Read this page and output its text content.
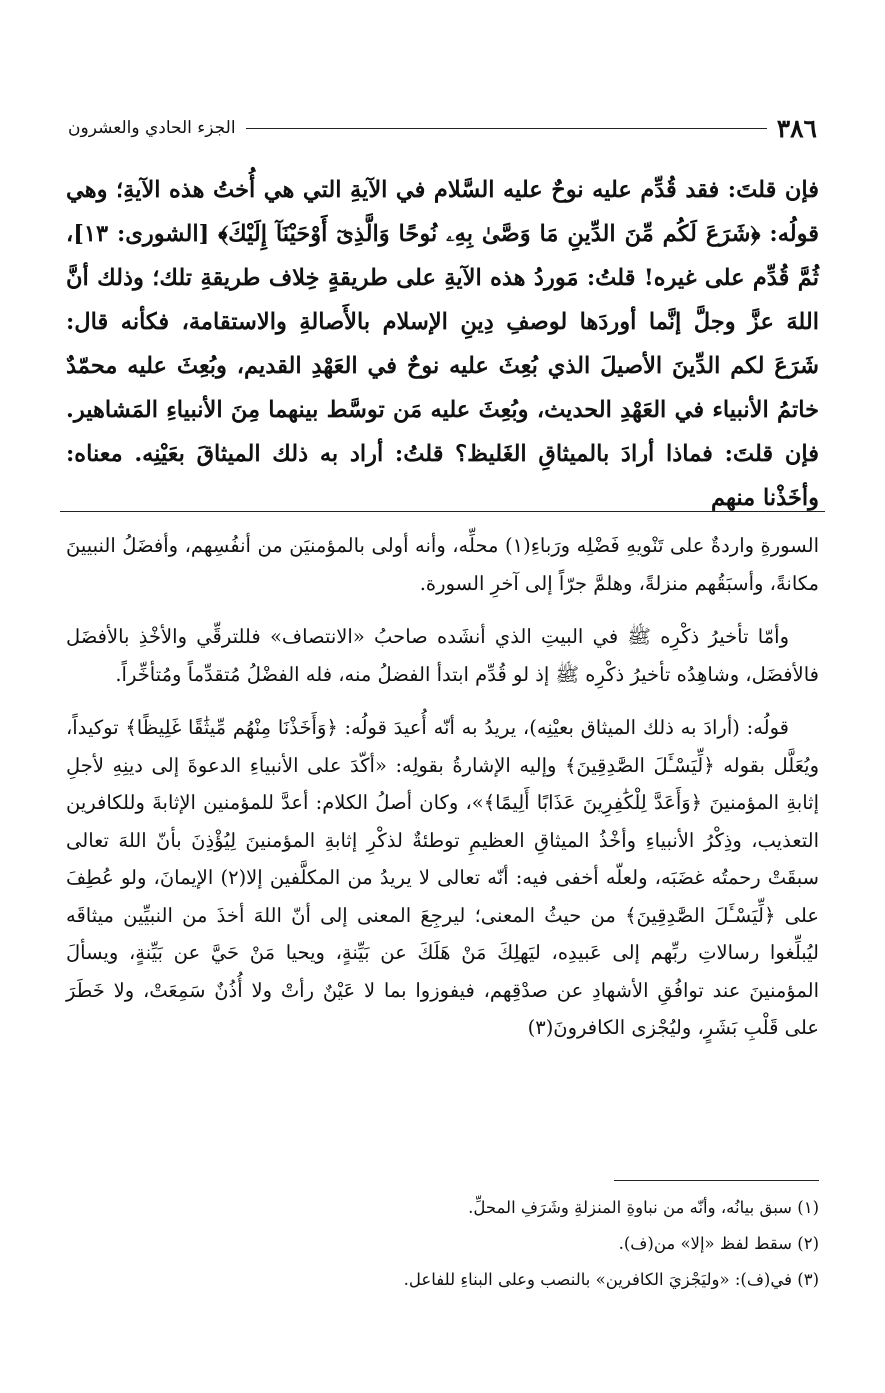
٣٨٦
الجزء الحادي والعشرون

فإن قلتَ: فقد قُدِّم عليه نوحٌ عليه السَّلام في الآيةِ التي هي أُختُ هذه الآيةِ؛ وهي قولُه: ﴿شَرَعَ لَكُم مِّنَ الدِّينِ مَا وَصَّىٰ بِهِۦ نُوحًا وَالَّذِىٓ أَوْحَيْنَآ إِلَيْكَ﴾ [الشورى: ١٣]، ثُمَّ قُدِّم على غيره! قلتُ: مَوردُ هذه الآيةِ على طريقةٍ خِلاف طريقةِ تلك؛ وذلك أنَّ اللهَ عزَّ وجلَّ إنَّما أوردَها لوصفِ دِينِ الإسلام بالأَصالةِ والاستقامة، فكأنه قال: شَرَعَ لكم الدِّينَ الأصيلَ الذي بُعِثَ عليه نوحٌ في العَهْدِ القديم، وبُعِثَ عليه محمّدٌ خاتمُ الأنبياء في العَهْدِ الحديث، وبُعِثَ عليه مَن توسَّط بينهما مِنَ الأنبياءِ المَشاهير. فإن قلتَ: فماذا أرادَ بالميثاقِ الغَليظ؟ قلتُ: أراد به ذلك الميثاقَ بعَيْنِه. معناه: وأخَذْنا منهم

السورةِ واردةٌ على تَنْويهِ فَضْلِه ورَباءِ(١) محلِّه، وأنه أولى بالمؤمنيَن من أنفُسِهم، وأفضَلُ النبيينَ مكانةً، وأسبَقُهم منزلةً، وهلمَّ جرّاً إلى آخرِ السورة.

وأمّا تأخيرُ ذكْرِه ﷺ في البيتِ الذي أنشَده صاحبُ «الانتصاف» فللترقِّي والأخْذِ بالأفضَل فالأفضَل، وشاهِدُه تأخيرُ ذكْرِه ﷺ إذ لو قُدِّم ابتدأ الفضلُ منه، فله الفضْلُ مُتقدِّماً ومُتأخِّراً.

قولُه: (أرادَ به ذلك الميثاق بعيْنِه)، يريدُ به أنّه أُعيدَ قولُه: ﴿وَأَخَذْنَا مِنْهُم مِّيثَٰقًا غَلِيظًا﴾ توكيداً، ويُعَلَّل بقوله ﴿لِّيَسْـَٔلَ الصَّٰدِقِينَ﴾ وإليه الإشارةُ بقولِه: «أكّدَ على الأنبياءِ الدعوةَ إلى دينِهِ لأجلِ إثابةِ المؤمنينَ ﴿وَأَعَدَّ لِلْكَٰفِرِينَ عَذَابًا أَلِيمًا﴾»، وكان أصلُ الكلام: أعدَّ للمؤمنين الإثابةَ وللكافرين التعذيب، وذِكْرُ الأنبياءِ وأخْذُ الميثاقِ العظيمِ توطئةٌ لذكْرِ إثابةِ المؤمنينَ لِيُؤْذِنَ بأنّ اللهَ تعالى سبقَتْ رحمتُه غضَبَه، ولعلّه أخفى فيه: أنّه تعالى لا يريدُ من المكلَّفين إلا(٢) الإيمانَ، ولو عُطِفَ على ﴿لِّيَسْـَٔلَ الصَّٰدِقِينَ﴾ من حيثُ المعنى؛ ليرجِعَ المعنى إلى أنّ اللهَ أخذَ من النبيِّين ميثاقَه ليُبلِّغوا رسالاتِ ربِّهم إلى عَبيدِه، ليَهلِكَ مَنْ هَلَكَ عن بَيِّنةٍ، ويحيا مَنْ حَيَّ عن بَيِّنةٍ، ويسألَ المؤمنينَ عند توافُقِ الأشهادِ عن صدْقِهم، فيفوزوا بما لا عَيْنٌ رأتْ ولا أُذُنٌ سَمِعَتْ، ولا خَطَرَ على قَلْبِ بَشَرٍ، وليُجْزى الكافرونَ(٣)

(١) سبق بيانُه، وأنّه من نباوةِ المنزلةِ وشَرَفِ المحلِّ.

(٢) سقط لفظ «إلا» من(ف).

(٣) في(ف): «وليَجْزيَ الكافرين» بالنصب وعلى البناءِ للفاعل.
